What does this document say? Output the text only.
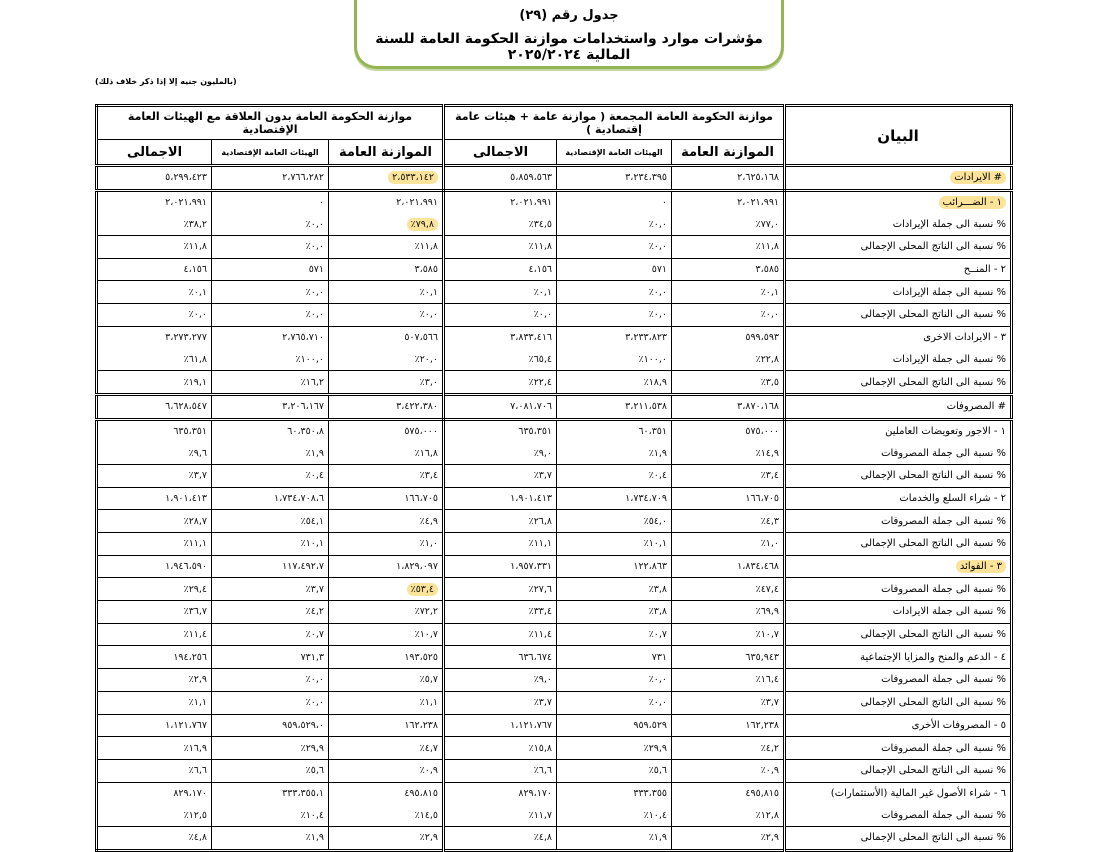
جدول رقم (٢٩)
مؤشرات موارد واستخدامات موازنة الحكومة العامة للسنة المالية ٢٠٢٥/٢٠٢٤
(بالمليون جنيه إلا إذا ذكر خلاف ذلك)
البيان	موازنة الحكومة العامة المجمعة ( موازنة عامة + هيئات عامة إقتصادية )			موازنة الحكومة العامة بدون العلاقة مع الهيئات العامة الإقتصادية		
	الموازنة العامة	الهيئات العامة الإقتصادية	الاجمالى	الموازنة العامة	الهيئات العامة الإقتصادية	الاجمالى
# الايرادات	٢،٦٢٥،١٦٨	٣،٢٣٤،٣٩٥	٥،٨٥٩،٥٦٣	٢،٥٣٣،١٤٢	٢،٧٦٦،٢٨٢	٥،٢٩٩،٤٢٣
١ - الضـــرائب	٢،٠٢١،٩٩١	٠	٢،٠٢١،٩٩١	٢،٠٢١،٩٩١	٠	٢،٠٢١،٩٩١
% نسبة الى جملة الإيرادات	٪٧٧,٠	٪٠,٠	٪٣٤,٥	٪٧٩,٨	٪٠,٠	٪٣٨,٢
% نسبة الى الناتج المحلى الإجمالى	٪١١,٨	٪٠,٠	٪١١,٨	٪١١,٨	٪٠,٠	٪١١,٨
٢ - المنــح	٣،٥٨٥	٥٧١	٤،١٥٦	٣،٥٨٥	٥٧١	٤،١٥٦
% نسبة الى جملة الإيرادات	٪٠,١	٪٠,٠	٪٠,١	٪٠,١	٪٠,٠	٪٠,١
% نسبة الى الناتج المحلى الإجمالى	٪٠,٠	٪٠,٠	٪٠,٠	٪٠,٠	٪٠,٠	٪٠,٠
٣ - الايرادات الاخرى	٥٩٩،٥٩٣	٣،٢٣٣،٨٢٣	٣،٨٣٣،٤١٦	٥٠٧،٥٦٦	٢،٧٦٥،٧١٠	٣،٢٧٣،٢٧٧
% نسبة الى جملة الإيرادات	٪٢٢,٨	٪١٠٠,٠	٪٦٥,٤	٪٢٠,٠	٪١٠٠,٠	٪٦١,٨
% نسبة الى الناتج المحلى الإجمالى	٪٣,٥	٪١٨,٩	٪٢٢,٤	٪٣,٠	٪١٦,٢	٪١٩,١
# المصروفات	٣،٨٧٠،١٦٨	٣،٢١١،٥٣٨	٧،٠٨١،٧٠٦	٣،٤٢٢،٣٨٠	٣،٢٠٦،١٦٧	٦،٦٢٨،٥٤٧
١ - الاجور وتعويضات العاملين	٥٧٥،٠٠٠	٦٠،٣٥١	٦٣٥،٣٥١	٥٧٥،٠٠٠	٦٠،٣٥٠،٨	٦٣٥،٣٥١
% نسبة الى جملة المصروفات	٪١٤,٩	٪١,٩	٪٩,٠	٪١٦,٨	٪١,٩	٪٩,٦
% نسبة الى الناتج المحلى الإجمالى	٪٣,٤	٪٠,٤	٪٣,٧	٪٣,٤	٪٠,٤	٪٣,٧
٢ - شراء السلع والخدمات	١٦٦،٧٠٥	١،٧٣٤،٧٠٩	١،٩٠١،٤١٣	١٦٦،٧٠٥	١،٧٣٤،٧٠٨،٦	١،٩٠١،٤١٣
% نسبة الى جملة المصروفات	٪٤,٣	٪٥٤,٠	٪٢٦,٨	٪٤,٩	٪٥٤,١	٪٢٨,٧
% نسبة الى الناتج المحلى الإجمالى	٪١,٠	٪١٠,١	٪١١,١	٪١,٠	٪١٠,١	٪١١,١
٣ - الفوائد	١،٨٣٤،٤٦٨	١٢٢،٨٦٣	١،٩٥٧،٣٣١	١،٨٢٩،٠٩٧	١١٧،٤٩٢،٧	١،٩٤٦،٥٩٠
% نسبة الى جملة المصروفات	٪٤٧,٤	٪٣,٨	٪٢٧,٦	٪٥٣,٤	٪٣,٧	٪٢٩,٤
% نسبة الى جملة الايرادات	٪٦٩,٩	٪٣,٨	٪٣٣,٤	٪٧٢,٢	٪٤,٢	٪٣٦,٧
% نسبة الى الناتج المحلى الإجمالى	٪١٠,٧	٪٠,٧	٪١١,٤	٪١٠,٧	٪٠,٧	٪١١,٤
٤ - الدعم والمنح والمزايا الإجتماعية	٦٣٥,٩٤٣	٧٣١	٦٣٦،٦٧٤	١٩٣،٥٢٥	٧٣١,٣	١٩٤،٢٥٦
% نسبة الى جملة المصروفات	٪١٦,٤	٪٠,٠	٪٩,٠	٪٥,٧	٪٠,٠	٪٢,٩
% نسبة الى الناتج المحلى الإجمالى	٪٣,٧	٪٠,٠	٪٣,٧	٪١,١	٪٠,٠	٪١,١
٥ - المصروفات الأخرى	١٦٢,٢٣٨	٩٥٩،٥٢٩	١،١٢١،٧٦٧	١٦٢،٢٣٨	٩٥٩،٥٢٩،٠	١،١٢١،٧٦٧
% نسبة الى جملة المصروفات	٪٤,٢	٪٢٩,٩	٪١٥,٨	٪٤,٧	٪٢٩,٩	٪١٦,٩
% نسبة الى الناتج المحلى الإجمالى	٪٠,٩	٪٥,٦	٪٦,٦	٪٠,٩	٪٥,٦	٪٦,٦
٦ - شراء الأصول غير المالية (الأستثمارات)	٤٩٥,٨١٥	٣٣٣،٣٥٥	٨٢٩،١٧٠	٤٩٥،٨١٥	٣٣٣،٣٥٥،١	٨٢٩،١٧٠
% نسبة الى جملة المصروفات	٪١٢,٨	٪١٠,٤	٪١١,٧	٪١٤,٥	٪١٠,٤	٪١٢,٥
% نسبة الى الناتج المحلى الإجمالى	٪٢,٩	٪١,٩	٪٤,٨	٪٢,٩	٪١,٩	٪٤,٨
